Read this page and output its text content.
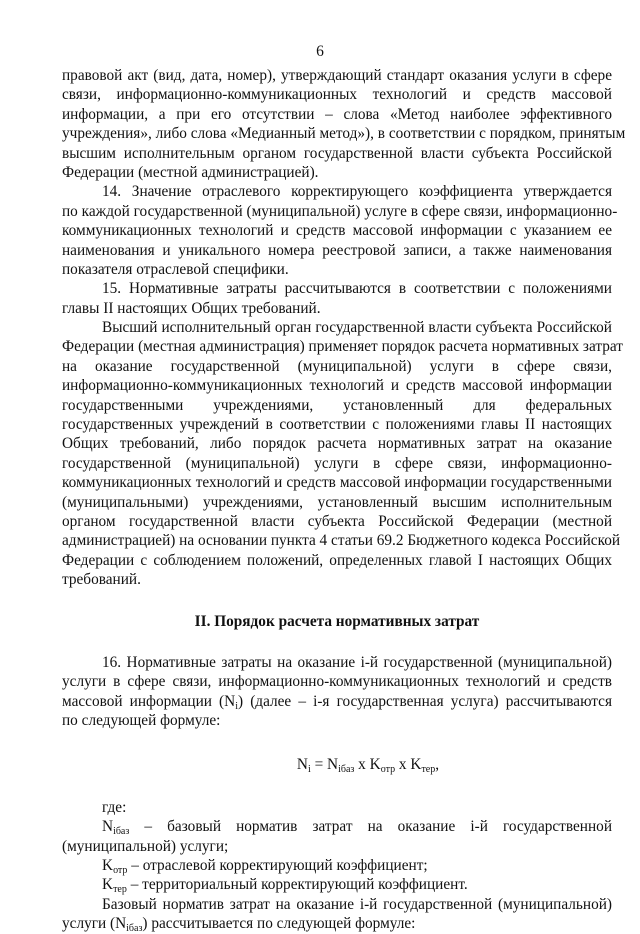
6
правовой акт (вид, дата, номер), утверждающий стандарт оказания услуги в сфере
связи, информационно-коммуникационных технологий и средств массовой
информации, а при его отсутствии – слова «Метод наиболее эффективного
учреждения», либо слова «Медианный метод»), в соответствии с порядком, принятым
высшим исполнительным органом государственной власти субъекта Российской
Федерации (местной администрацией).
14. Значение отраслевого корректирующего коэффициента утверждается
по каждой государственной (муниципальной) услуге в сфере связи, информационно-
коммуникационных технологий и средств массовой информации с указанием ее
наименования и уникального номера реестровой записи, а также наименования
показателя отраслевой специфики.
15. Нормативные затраты рассчитываются в соответствии с положениями
главы II настоящих Общих требований.
Высший исполнительный орган государственной власти субъекта Российской
Федерации (местная администрация) применяет порядок расчета нормативных затрат
на оказание государственной (муниципальной) услуги в сфере связи,
информационно-коммуникационных технологий и средств массовой информации
государственными учреждениями, установленный для федеральных
государственных учреждений в соответствии с положениями главы II настоящих
Общих требований, либо порядок расчета нормативных затрат на оказание
государственной (муниципальной) услуги в сфере связи, информационно-
коммуникационных технологий и средств массовой информации государственными
(муниципальными) учреждениями, установленный высшим исполнительным
органом государственной власти субъекта Российской Федерации (местной
администрацией) на основании пункта 4 статьи 69.2 Бюджетного кодекса Российской
Федерации с соблюдением положений, определенных главой I настоящих Общих
требований.
II. Порядок расчета нормативных затрат
16. Нормативные затраты на оказание i-й государственной (муниципальной)
услуги в сфере связи, информационно-коммуникационных технологий и средств
массовой информации $(N_i)$ (далее – i-я государственная услуга) рассчитываются
по следующей формуле:
$N_i = N_{iбаз}$ x $K_{отр}$ x $K_{тер}$,
где:
$N_{iбаз}$ – базовый норматив затрат на оказание i-й государственной
(муниципальной) услуги;
$K_{отр}$ – отраслевой корректирующий коэффициент;
$K_{тер}$ – территориальный корректирующий коэффициент.
Базовый норматив затрат на оказание i-й государственной (муниципальной)
услуги $(N_{iбаз})$ рассчитывается по следующей формуле:
